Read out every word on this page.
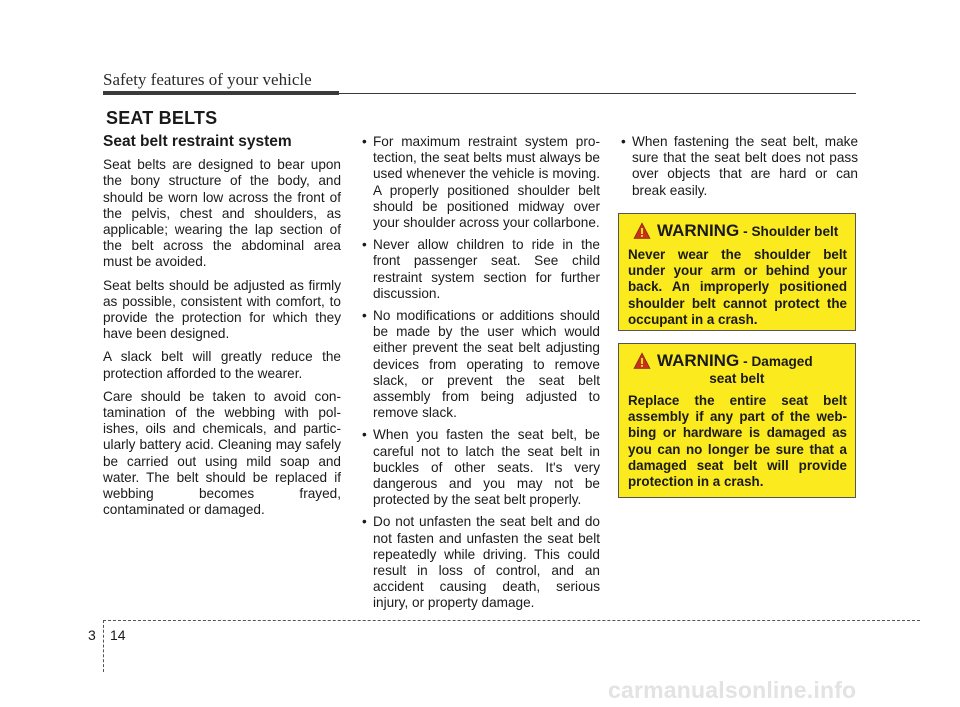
Safety features of your vehicle
SEAT BELTS
Seat belt restraint system

Seat belts are designed to bear upon the bony structure of the body, and should be worn low across the front of the pelvis, chest and shoulders, as applicable; wearing the lap section of the belt across the abdominal area must be avoided.

Seat belts should be adjusted as firmly as possible, consistent with comfort, to provide the protection for which they have been designed.

A slack belt will greatly reduce the protection afforded to the wearer.

Care should be taken to avoid con-tamination of the webbing with pol-ishes, oils and chemicals, and partic-ularly battery acid. Cleaning may safely be carried out using mild soap and water. The belt should be replaced if webbing becomes frayed, contaminated or damaged.

• For maximum restraint system pro-tection, the seat belts must always be used whenever the vehicle is moving. A properly positioned shoulder belt should be positioned midway over your shoulder across your collarbone.
• Never allow children to ride in the front passenger seat. See child restraint system section for further discussion.
• No modifications or additions should be made by the user which would either prevent the seat belt adjusting devices from operating to remove slack, or prevent the seat belt assembly from being adjusted to remove slack.
• When you fasten the seat belt, be careful not to latch the seat belt in buckles of other seats. It's very dangerous and you may not be protected by the seat belt properly.
• Do not unfasten the seat belt and do not fasten and unfasten the seat belt repeatedly while driving. This could result in loss of control, and an accident causing death, serious injury, or property damage.
• When fastening the seat belt, make sure that the seat belt does not pass over objects that are hard or can break easily.
WARNING - Shoulder belt
Never wear the shoulder belt under your arm or behind your back. An improperly positioned shoulder belt cannot protect the occupant in a crash.
WARNING - Damaged
seat belt
Replace the entire seat belt assembly if any part of the web-bing or hardware is damaged as you can no longer be sure that a damaged seat belt will provide protection in a crash.
3 14
carmanualsonline.info
